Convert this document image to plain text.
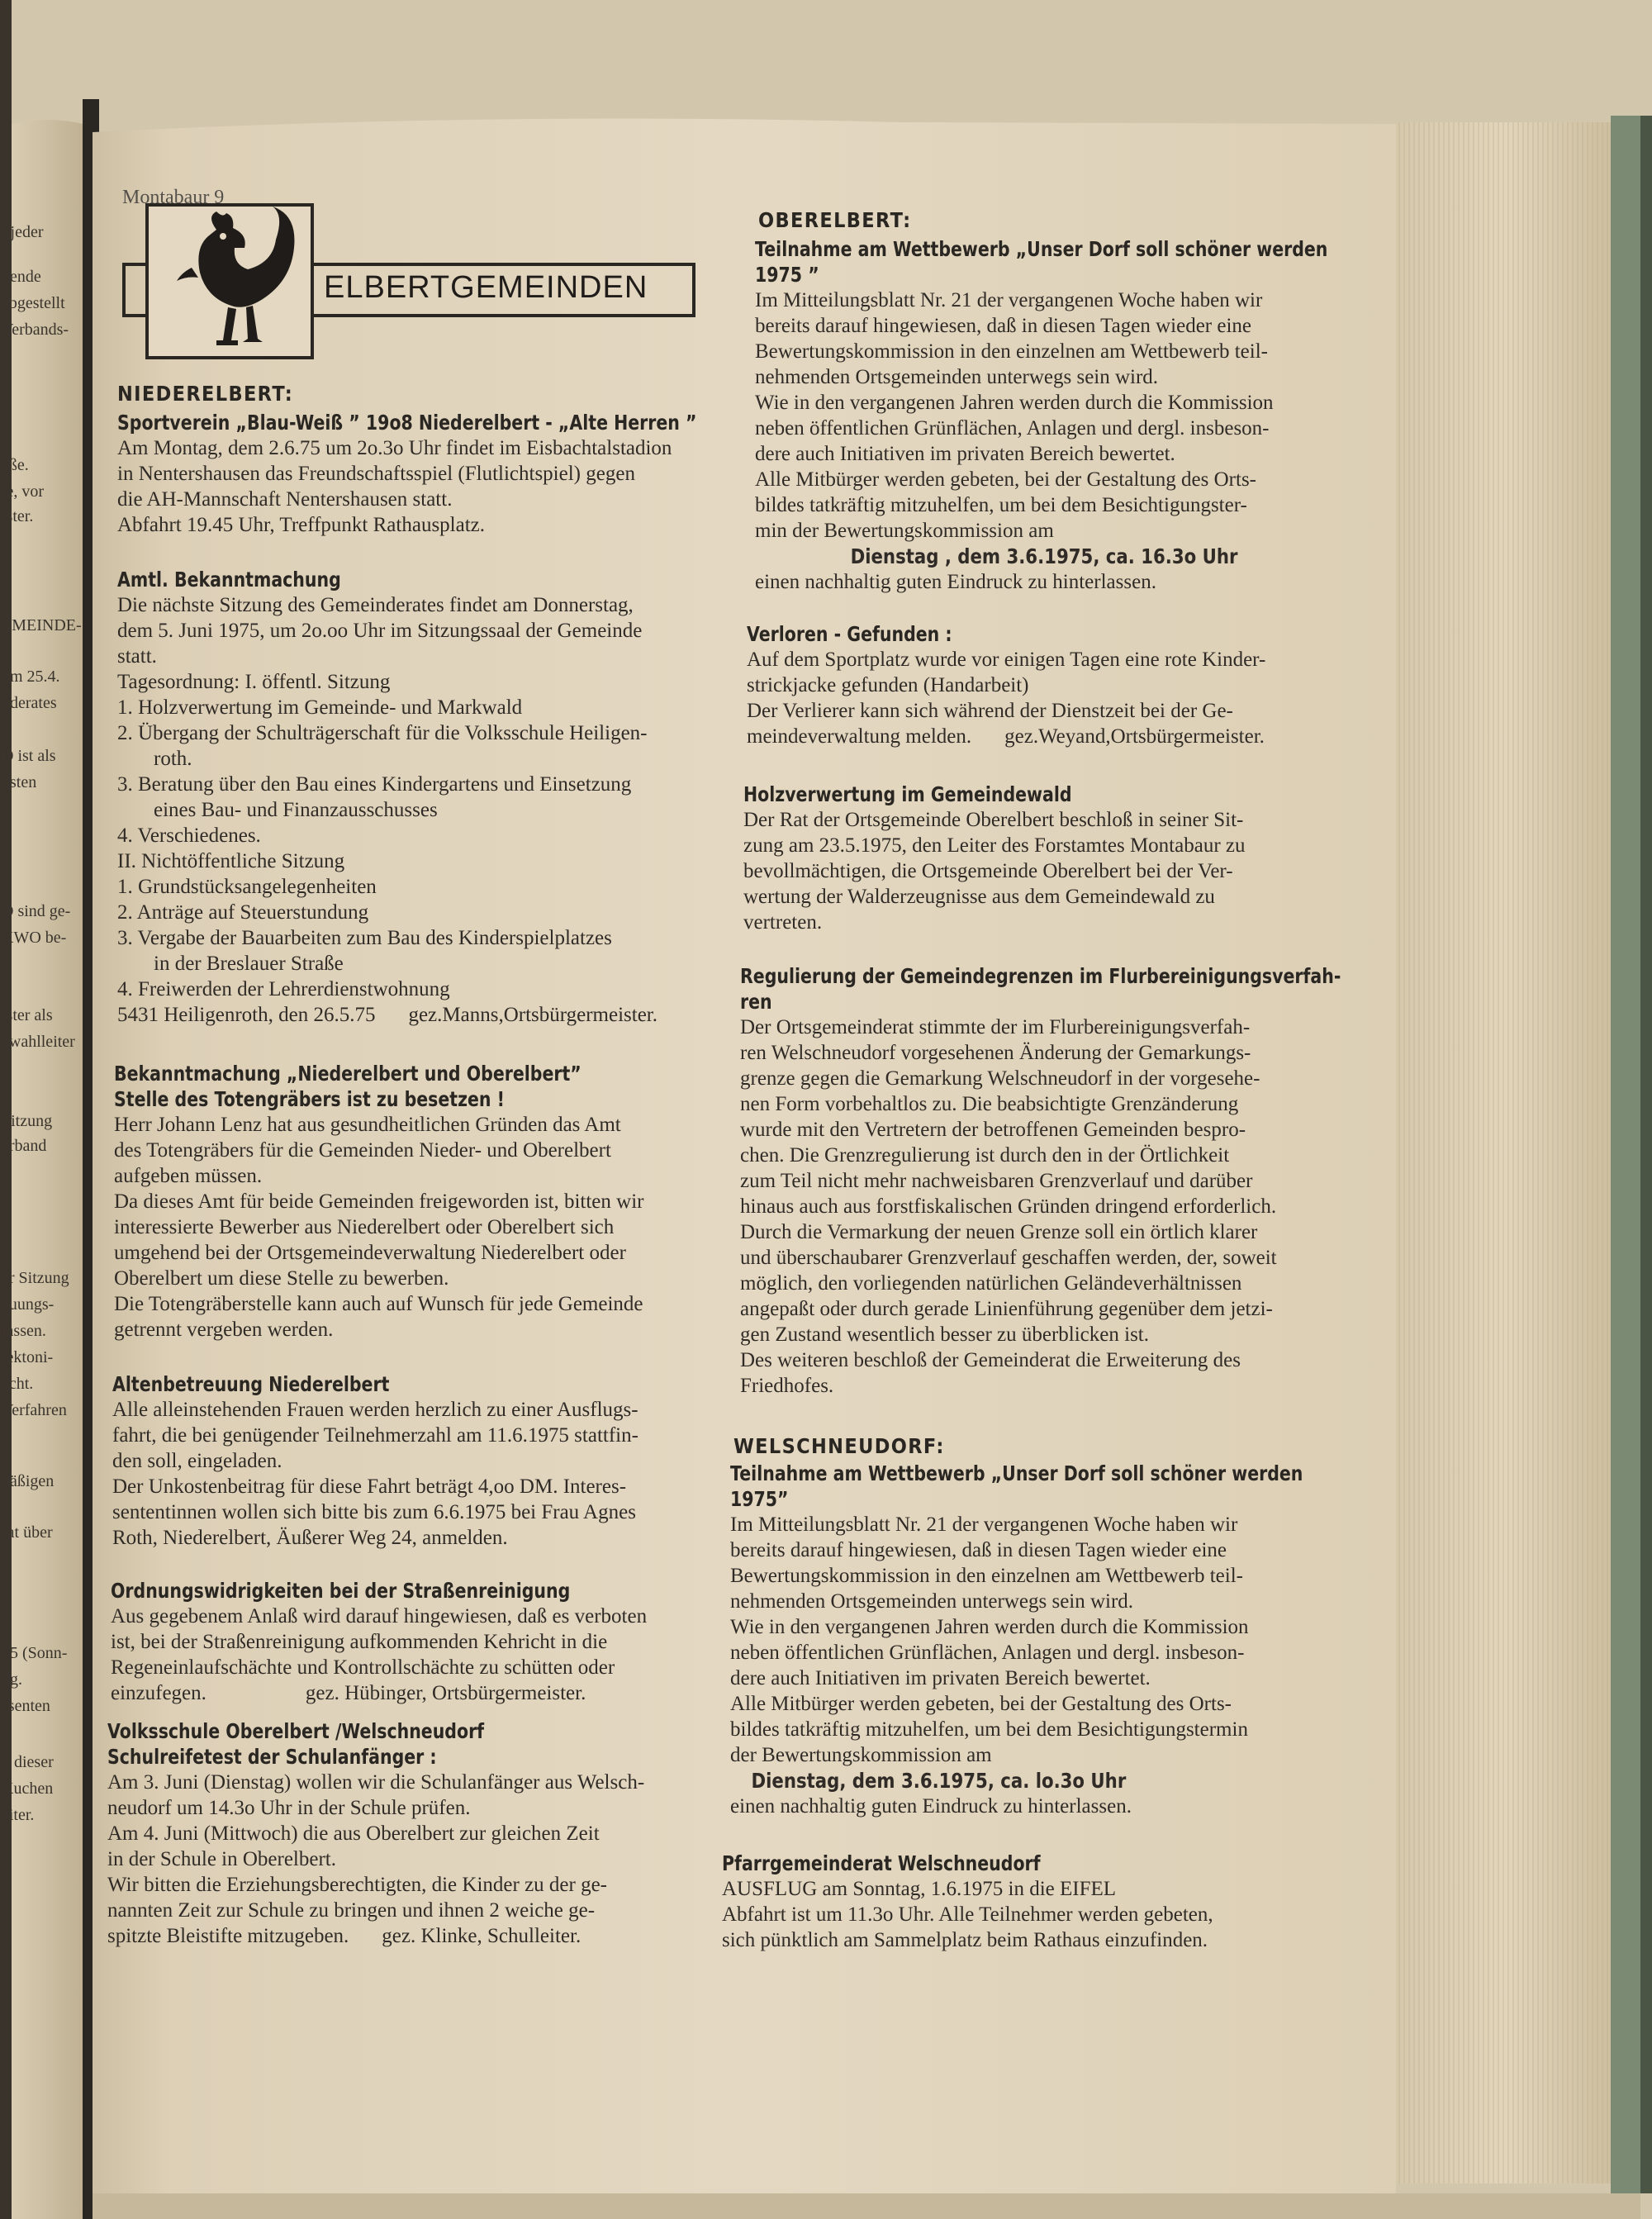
t jeder
gende
abgestellt
Verbands-
r.
aße.
te, vor
ister.
EMEINDE-
om 25.4.
nderates
O ist als
hsten
D sind ge-
KWO be-
ister als
ewahlleiter
Sitzung
erband
er Sitzung
auungs-
lassen.
tektoni-
acht.
Verfahren
näßigen
rat über
75 (Sonn-
ng.
ssenten
d dieser
Kuchen
eiter.

Montabaur 9

ELBERTGEMEINDEN

NIEDERELBERT:
Sportverein „Blau-Weiß ” 19o8 Niederelbert - „Alte Herren ”
Am Montag, dem 2.6.75 um 2o.3o Uhr findet im Eisbachtalstadion
in Nentershausen das Freundschaftsspiel (Flutlichtspiel) gegen
die AH-Mannschaft Nentershausen statt.
Abfahrt 19.45 Uhr, Treffpunkt Rathausplatz.
Amtl. Bekanntmachung
Die nächste Sitzung des Gemeinderates findet am Donnerstag,
dem 5. Juni 1975, um 2o.oo Uhr im Sitzungssaal der Gemeinde
statt.
Tagesordnung: I. öffentl. Sitzung
1. Holzverwertung im Gemeinde- und Markwald
2. Übergang der Schulträgerschaft für die Volksschule Heiligen-
roth.
3. Beratung über den Bau eines Kindergartens und Einsetzung
eines Bau- und Finanzausschusses
4. Verschiedenes.
II. Nichtöffentliche Sitzung
1. Grundstücksangelegenheiten
2. Anträge auf Steuerstundung
3. Vergabe der Bauarbeiten zum Bau des Kinderspielplatzes
in der Breslauer Straße
4. Freiwerden der Lehrerdienstwohnung
5431 Heiligenroth, den 26.5.75 gez.Manns,Ortsbürgermeister.
Bekanntmachung „Niederelbert und Oberelbert”
Stelle des Totengräbers ist zu besetzen !
Herr Johann Lenz hat aus gesundheitlichen Gründen das Amt
des Totengräbers für die Gemeinden Nieder- und Oberelbert
aufgeben müssen.
Da dieses Amt für beide Gemeinden freigeworden ist, bitten wir
interessierte Bewerber aus Niederelbert oder Oberelbert sich
umgehend bei der Ortsgemeindeverwaltung Niederelbert oder
Oberelbert um diese Stelle zu bewerben.
Die Totengräberstelle kann auch auf Wunsch für jede Gemeinde
getrennt vergeben werden.
Altenbetreuung Niederelbert
Alle alleinstehenden Frauen werden herzlich zu einer Ausflugs-
fahrt, die bei genügender Teilnehmerzahl am 11.6.1975 stattfin-
den soll, eingeladen.
Der Unkostenbeitrag für diese Fahrt beträgt 4,oo DM. Interes-
sententinnen wollen sich bitte bis zum 6.6.1975 bei Frau Agnes
Roth, Niederelbert, Äußerer Weg 24, anmelden.
Ordnungswidrigkeiten bei der Straßenreinigung
Aus gegebenem Anlaß wird darauf hingewiesen, daß es verboten
ist, bei der Straßenreinigung aufkommenden Kehricht in die
Regeneinlaufschächte und Kontrollschächte zu schütten oder
einzufegen.	gez. Hübinger, Ortsbürgermeister.
Volksschule Oberelbert /Welschneudorf
Schulreifetest der Schulanfänger :
Am 3. Juni (Dienstag) wollen wir die Schulanfänger aus Welsch-
neudorf um 14.3o Uhr in der Schule prüfen.
Am 4. Juni (Mittwoch) die aus Oberelbert zur gleichen Zeit
in der Schule in Oberelbert.
Wir bitten die Erziehungsberechtigten, die Kinder zu der ge-
nannten Zeit zur Schule zu bringen und ihnen 2 weiche ge-
spitzte Bleistifte mitzugeben. gez. Klinke, Schulleiter.
OBERELBERT:
Teilnahme am Wettbewerb „Unser Dorf soll schöner werden
1975 ”
Im Mitteilungsblatt Nr. 21 der vergangenen Woche haben wir
bereits darauf hingewiesen, daß in diesen Tagen wieder eine
Bewertungskommission in den einzelnen am Wettbewerb teil-
nehmenden Ortsgemeinden unterwegs sein wird.
Wie in den vergangenen Jahren werden durch die Kommission
neben öffentlichen Grünflächen, Anlagen und dergl. insbeson-
dere auch Initiativen im privaten Bereich bewertet.
Alle Mitbürger werden gebeten, bei der Gestaltung des Orts-
bildes tatkräftig mitzuhelfen, um bei dem Besichtigungster-
min der Bewertungskommission am
Dienstag , dem 3.6.1975, ca. 16.3o Uhr
einen nachhaltig guten Eindruck zu hinterlassen.
Verloren - Gefunden :
Auf dem Sportplatz wurde vor einigen Tagen eine rote Kinder-
strickjacke gefunden (Handarbeit)
Der Verlierer kann sich während der Dienstzeit bei der Ge-
meindeverwaltung melden. gez.Weyand,Ortsbürgermeister.
Holzverwertung im Gemeindewald
Der Rat der Ortsgemeinde Oberelbert beschloß in seiner Sit-
zung am 23.5.1975, den Leiter des Forstamtes Montabaur zu
bevollmächtigen, die Ortsgemeinde Oberelbert bei der Ver-
wertung der Walderzeugnisse aus dem Gemeindewald zu
vertreten.
Regulierung der Gemeindegrenzen im Flurbereinigungsverfah-
ren
Der Ortsgemeinderat stimmte der im Flurbereinigungsverfah-
ren Welschneudorf vorgesehenen Änderung der Gemarkungs-
grenze gegen die Gemarkung Welschneudorf in der vorgesehe-
nen Form vorbehaltlos zu. Die beabsichtigte Grenzänderung
wurde mit den Vertretern der betroffenen Gemeinden bespro-
chen. Die Grenzregulierung ist durch den in der Örtlichkeit
zum Teil nicht mehr nachweisbaren Grenzverlauf und darüber
hinaus auch aus forstfiskalischen Gründen dringend erforderlich.
Durch die Vermarkung der neuen Grenze soll ein örtlich klarer
und überschaubarer Grenzverlauf geschaffen werden, der, soweit
möglich, den vorliegenden natürlichen Geländeverhältnissen
angepaßt oder durch gerade Linienführung gegenüber dem jetzi-
gen Zustand wesentlich besser zu überblicken ist.
Des weiteren beschloß der Gemeinderat die Erweiterung des
Friedhofes.
WELSCHNEUDORF:
Teilnahme am Wettbewerb „Unser Dorf soll schöner werden
1975”
Im Mitteilungsblatt Nr. 21 der vergangenen Woche haben wir
bereits darauf hingewiesen, daß in diesen Tagen wieder eine
Bewertungskommission in den einzelnen am Wettbewerb teil-
nehmenden Ortsgemeinden unterwegs sein wird.
Wie in den vergangenen Jahren werden durch die Kommission
neben öffentlichen Grünflächen, Anlagen und dergl. insbeson-
dere auch Initiativen im privaten Bereich bewertet.
Alle Mitbürger werden gebeten, bei der Gestaltung des Orts-
bildes tatkräftig mitzuhelfen, um bei dem Besichtigungstermin
der Bewertungskommission am
Dienstag, dem 3.6.1975, ca. lo.3o Uhr
einen nachhaltig guten Eindruck zu hinterlassen.
Pfarrgemeinderat Welschneudorf
AUSFLUG am Sonntag, 1.6.1975 in die EIFEL
Abfahrt ist um 11.3o Uhr. Alle Teilnehmer werden gebeten,
sich pünktlich am Sammelplatz beim Rathaus einzufinden.
